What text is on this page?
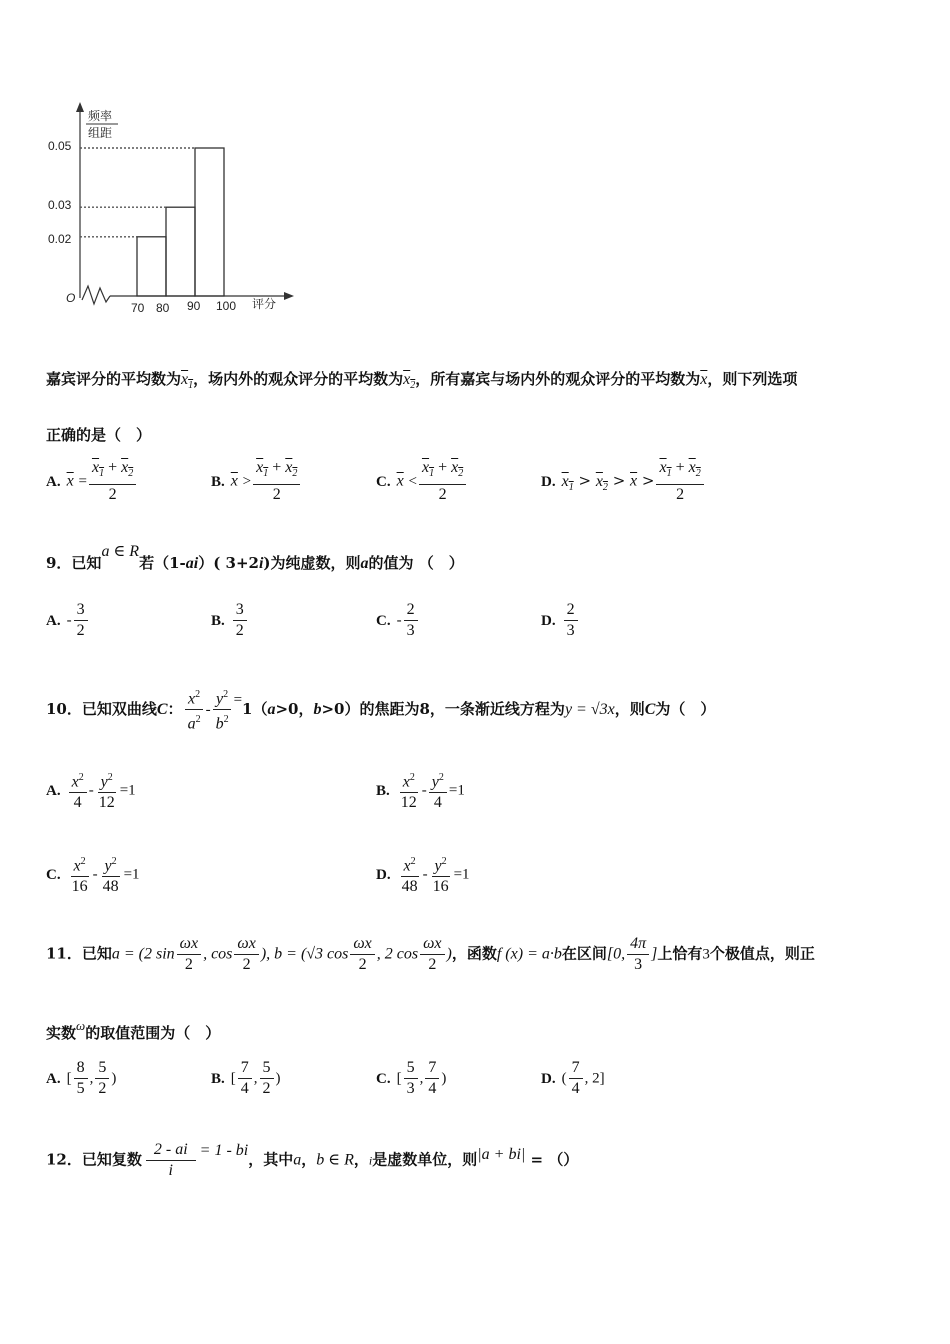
频率
组距
0.05
0.03
0.02
O
70 80 90 100 评分
嘉宾评分的平均数为$x_1$，场内外的观众评分的平均数为$x_2$，所有嘉宾与场内外的观众评分的平均数为$\overline{x}$，则下列选项
正确的是（　）
A. $\overline{x} = \frac{x_1 + x_2}{2}$	B. $\overline{x} > \frac{x_1 + x_2}{2}$	C. $\overline{x} < \frac{x_1 + x_2}{2}$	D. $x_1 > x_2 > \overline{x} > \frac{x_1 + x_2}{2}$
9．已知a ∈ R若（1-ai）( 3+2i)为纯虚数，则a的值为 （　）
A. - $\frac{3}{2}$	B. $\frac{3}{2}$	C. - $\frac{2}{3}$	D. $\frac{2}{3}$
10．已知双曲线C： $\frac{x^2}{a^2} - \frac{y^2}{b^2} =1(a>0$，b>0）的焦距为8，一条渐近线方程为y = √3x，则C为（　）
A. $\frac{x^2}{4} - \frac{y^2}{12} =1$	B. $\frac{x^2}{12} - \frac{y^2}{4} =1$
C. $\frac{x^2}{16} - \frac{y^2}{48} =1$	D. $\frac{x^2}{48} - \frac{y^2}{16} =1$
11．已知a = (2 $\sin \frac{\omega x}{2}$ , $\cos \frac{\omega x}{2}$ ), b = (√3 $\cos \frac{\omega x}{2}$ , 2 $\cos \frac{\omega x}{2}$ )，函数f (x) = a·b在区间[0, $\frac{4\pi}{3}$ ]上恰有3个极值点，则正
实数ω的取值范围为（　）
A. [ $\frac{8}{5}$ , $\frac{5}{2}$ )	B. [ $\frac{7}{4}$ , $\frac{5}{2}$ )	C. [ $\frac{5}{3}$ , $\frac{7}{4}$ )	D. ( $\frac{7}{4}$ , 2]
12．已知复数 $\frac{2 - ai}{i} = 1$ - bi，其中a，b ∈ R，i是虚数单位，则|a + bi| = （）
